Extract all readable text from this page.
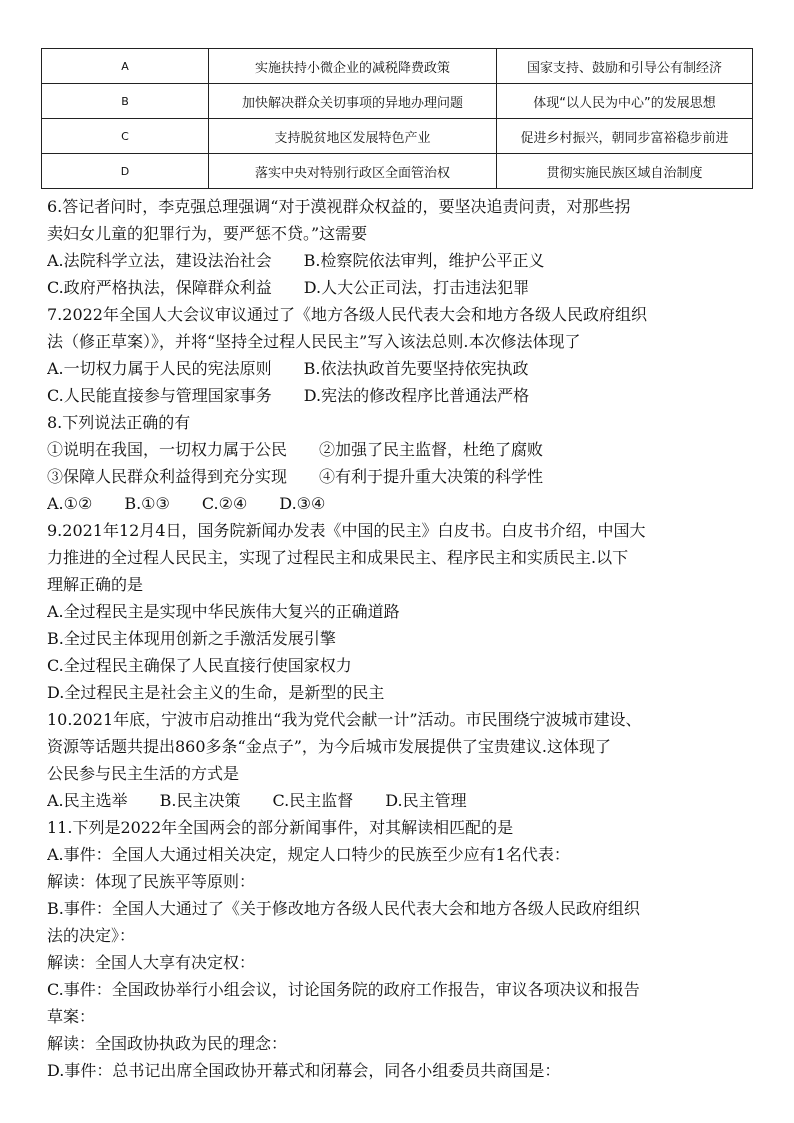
A	实施扶持小微企业的减税降费政策	国家支持、鼓励和引导公有制经济
B	加快解决群众关切事项的异地办理问题	体现“以人民为中心”的发展思想
C	支持脱贫地区发展特色产业	促进乡村振兴，朝同步富裕稳步前进
D	落实中央对特别行政区全面管治权	贯彻实施民族区域自治制度
6.答记者问时，李克强总理强调“对于漠视群众权益的，要坚决追责问责，对那些拐
卖妇女儿童的犯罪行为，要严惩不贷。”这需要
A.法院科学立法，建设法治社会　　B.检察院依法审判，维护公平正义
C.政府严格执法，保障群众利益　　D.人大公正司法，打击违法犯罪
7.2022年全国人大会议审议通过了《地方各级人民代表大会和地方各级人民政府组织
法（修正草案）》，并将“坚持全过程人民民主”写入该法总则.本次修法体现了
A.一切权力属于人民的宪法原则　　B.依法执政首先要坚持依宪执政
C.人民能直接参与管理国家事务　　D.宪法的修改程序比普通法严格
8.下列说法正确的有
①说明在我国，一切权力属于公民　　②加强了民主监督，杜绝了腐败
③保障人民群众利益得到充分实现　　④有利于提升重大决策的科学性
A.①②　　B.①③　　C.②④　　D.③④
9.2021年12月4日，国务院新闻办发表《中国的民主》白皮书。白皮书介绍，中国大
力推进的全过程人民民主，实现了过程民主和成果民主、程序民主和实质民主.以下
理解正确的是
A.全过程民主是实现中华民族伟大复兴的正确道路
B.全过民主体现用创新之手激活发展引擎
C.全过程民主确保了人民直接行使国家权力
D.全过程民主是社会主义的生命，是新型的民主
10.2021年底，宁波市启动推出“我为党代会献一计”活动。市民围绕宁波城市建设、
资源等话题共提出860多条“金点子”，为今后城市发展提供了宝贵建议.这体现了
公民参与民主生活的方式是
A.民主选举　　B.民主决策　　C.民主监督　　D.民主管理
11.下列是2022年全国两会的部分新闻事件，对其解读相匹配的是
A.事件：全国人大通过相关决定，规定人口特少的民族至少应有1名代表：
解读：体现了民族平等原则：
B.事件：全国人大通过了《关于修改地方各级人民代表大会和地方各级人民政府组织
法的决定》：
解读：全国人大享有决定权：
C.事件：全国政协举行小组会议，讨论国务院的政府工作报告，审议各项决议和报告
草案：
解读：全国政协执政为民的理念：
D.事件：总书记出席全国政协开幕式和闭幕会，同各小组委员共商国是：
